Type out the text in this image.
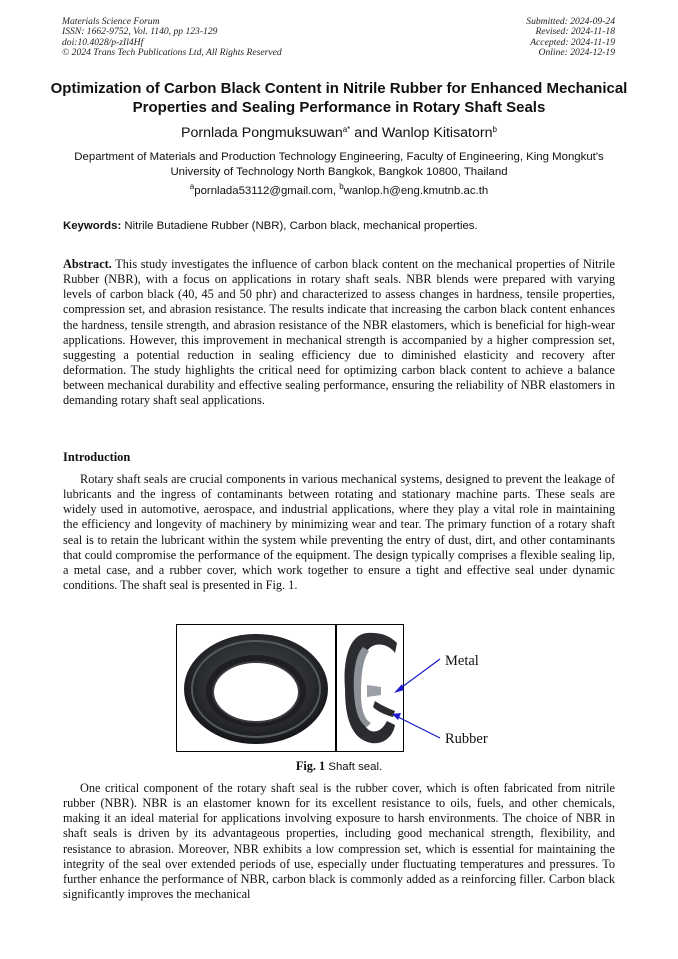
Materials Science Forum
ISSN: 1662-9752, Vol. 1140, pp 123-129
doi:10.4028/p-zIl4Hf
© 2024 Trans Tech Publications Ltd, All Rights Reserved
Submitted: 2024-09-24
Revised: 2024-11-18
Accepted: 2024-11-19
Online: 2024-12-19
Optimization of Carbon Black Content in Nitrile Rubber for Enhanced Mechanical Properties and Sealing Performance in Rotary Shaft Seals
Pornlada Pongmuksuwan$^{a*}$ and Wanlop Kitisatorn$^b$
Department of Materials and Production Technology Engineering, Faculty of Engineering, King Mongkut's University of Technology North Bangkok, Bangkok 10800, Thailand
$^a$pornlada53112@gmail.com, $^b$wanlop.h@eng.kmutnb.ac.th
Keywords: Nitrile Butadiene Rubber (NBR), Carbon black, mechanical properties.
Abstract. This study investigates the influence of carbon black content on the mechanical properties of Nitrile Rubber (NBR), with a focus on applications in rotary shaft seals. NBR blends were prepared with varying levels of carbon black (40, 45 and 50 phr) and characterized to assess changes in hardness, tensile properties, compression set, and abrasion resistance. The results indicate that increasing the carbon black content enhances the hardness, tensile strength, and abrasion resistance of the NBR elastomers, which is beneficial for high-wear applications. However, this improvement in mechanical strength is accompanied by a higher compression set, suggesting a potential reduction in sealing efficiency due to diminished elasticity and recovery after deformation. The study highlights the critical need for optimizing carbon black content to achieve a balance between mechanical durability and effective sealing performance, ensuring the reliability of NBR elastomers in demanding rotary shaft seal applications.
Introduction
Rotary shaft seals are crucial components in various mechanical systems, designed to prevent the leakage of lubricants and the ingress of contaminants between rotating and stationary machine parts. These seals are widely used in automotive, aerospace, and industrial applications, where they play a vital role in maintaining the efficiency and longevity of machinery by minimizing wear and tear. The primary function of a rotary shaft seal is to retain the lubricant within the system while preventing the entry of dust, dirt, and other contaminants that could compromise the performance of the equipment. The design typically comprises a flexible sealing lip, a metal case, and a rubber cover, which work together to ensure a tight and effective seal under dynamic conditions. The shaft seal is presented in Fig. 1.
Metal
Rubber
Fig. 1 Shaft seal.
One critical component of the rotary shaft seal is the rubber cover, which is often fabricated from nitrile rubber (NBR). NBR is an elastomer known for its excellent resistance to oils, fuels, and other chemicals, making it an ideal material for applications involving exposure to harsh environments. The choice of NBR in shaft seals is driven by its advantageous properties, including good mechanical strength, flexibility, and resistance to abrasion. Moreover, NBR exhibits a low compression set, which is essential for maintaining the integrity of the seal over extended periods of use, especially under fluctuating temperatures and pressures. To further enhance the performance of NBR, carbon black is commonly added as a reinforcing filler. Carbon black significantly improves the mechanical
